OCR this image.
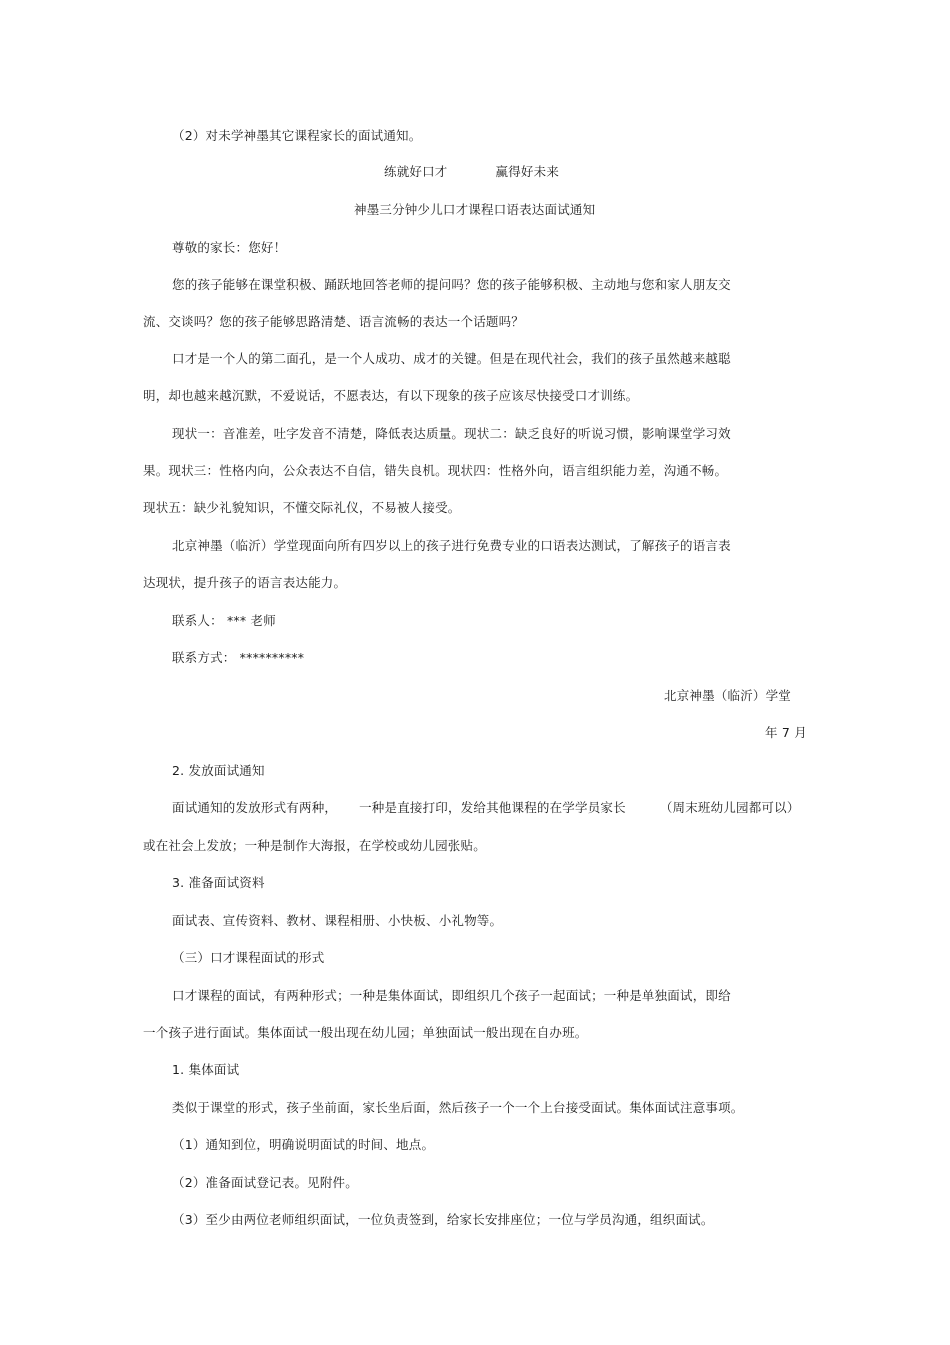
（2）对未学神墨其它课程家长的面试通知。
练就好口才	赢得好未来
神墨三分钟少儿口才课程口语表达面试通知
尊敬的家长：您好！
您的孩子能够在课堂积极、踊跃地回答老师的提问吗？您的孩子能够积极、主动地与您和家人朋友交
流、交谈吗？您的孩子能够思路清楚、语言流畅的表达一个话题吗？
口才是一个人的第二面孔，是一个人成功、成才的关键。但是在现代社会，我们的孩子虽然越来越聪
明，却也越来越沉默，不爱说话，不愿表达，有以下现象的孩子应该尽快接受口才训练。
现状一：音准差，吐字发音不清楚，降低表达质量。现状二：缺乏良好的听说习惯，影响课堂学习效
果。现状三：性格内向，公众表达不自信，错失良机。现状四：性格外向，语言组织能力差，沟通不畅。
现状五：缺少礼貌知识，不懂交际礼仪，不易被人接受。
北京神墨（临沂）学堂现面向所有四岁以上的孩子进行免费专业的口语表达测试，了解孩子的语言表
达现状，提升孩子的语言表达能力。
联系人： *** 老师
联系方式： **********
北京神墨（临沂）学堂
年 7 月
2. 发放面试通知
面试通知的发放形式有两种， 一种是直接打印，发给其他课程的在学学员家长	（周末班幼儿园都可以）
或在社会上发放；一种是制作大海报，在学校或幼儿园张贴。
3. 准备面试资料
面试表、宣传资料、教材、课程相册、小快板、小礼物等。
（三）口才课程面试的形式
口才课程的面试，有两种形式；一种是集体面试，即组织几个孩子一起面试；一种是单独面试，即给
一个孩子进行面试。集体面试一般出现在幼儿园；单独面试一般出现在自办班。
1. 集体面试
类似于课堂的形式，孩子坐前面，家长坐后面，然后孩子一个一个上台接受面试。集体面试注意事项。
（1）通知到位，明确说明面试的时间、地点。
（2）准备面试登记表。见附件。
（3）至少由两位老师组织面试，一位负责签到，给家长安排座位；一位与学员沟通，组织面试。
